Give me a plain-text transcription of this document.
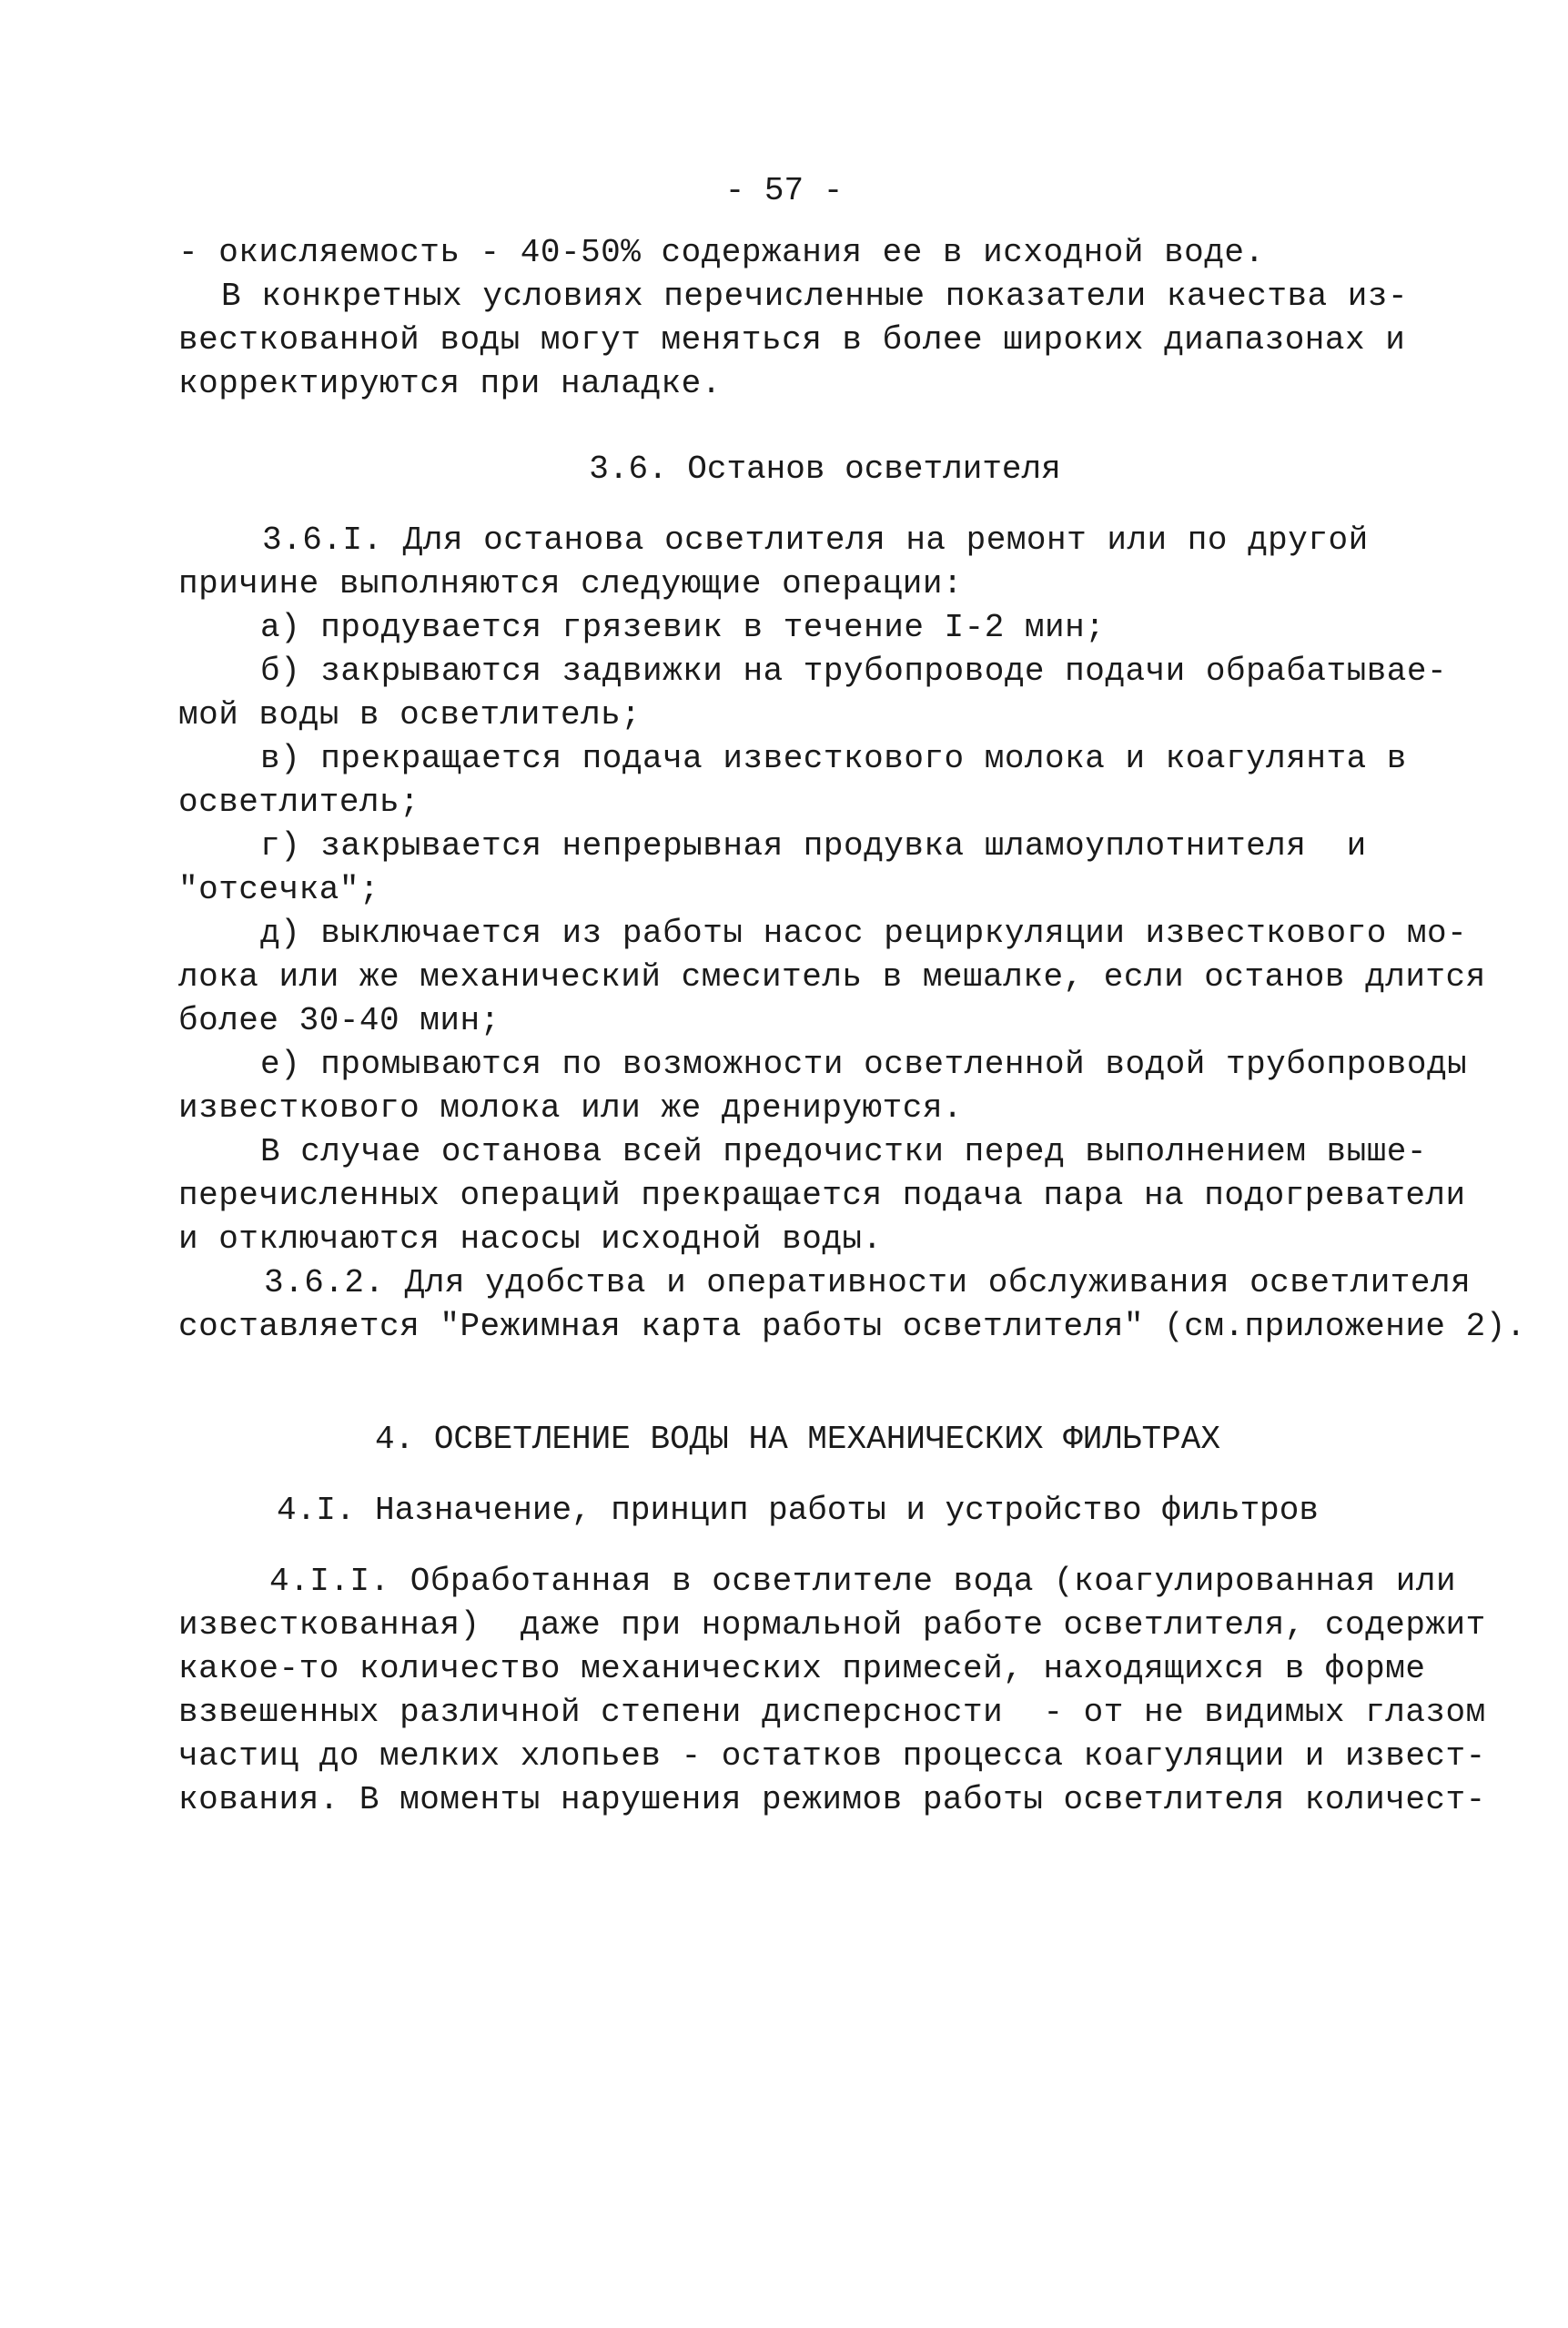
- 57 -
- окисляемость - 40-50% содержания ее в исходной воде.
В конкретных условиях перечисленные показатели качества из-
весткованной воды могут меняться в более широких диапазонах и
корректируются при наладке.
3.6. Останов осветлителя
3.6.I. Для останова осветлителя на ремонт или по другой
причине выполняются следующие операции:
а) продувается грязевик в течение I-2 мин;
б) закрываются задвижки на трубопроводе подачи обрабатывае-
мой воды в осветлитель;
в) прекращается подача известкового молока и коагулянта в
осветлитель;
г) закрывается непрерывная продувка шламоуплотнителя  и
"отсечка";
д) выключается из работы насос рециркуляции известкового мо-
лока или же механический смеситель в мешалке, если останов длится
более 30-40 мин;
е) промываются по возможности осветленной водой трубопроводы
известкового молока или же дренируются.
В случае останова всей предочистки перед выполнением выше-
перечисленных операций прекращается подача пара на подогреватели
и отключаются насосы исходной воды.
3.6.2. Для удобства и оперативности обслуживания осветлителя
составляется "Режимная карта работы осветлителя" (см.приложение 2).
4. ОСВЕТЛЕНИЕ ВОДЫ НА МЕХАНИЧЕСКИХ ФИЛЬТРАХ
4.I. Назначение, принцип работы и устройство фильтров
4.I.I. Обработанная в осветлителе вода (коагулированная или
известкованная)  даже при нормальной работе осветлителя, содержит
какое-то количество механических примесей, находящихся в форме
взвешенных различной степени дисперсности  - от не видимых глазом
частиц до мелких хлопьев - остатков процесса коагуляции и извест-
кования. В моменты нарушения режимов работы осветлителя количест-
